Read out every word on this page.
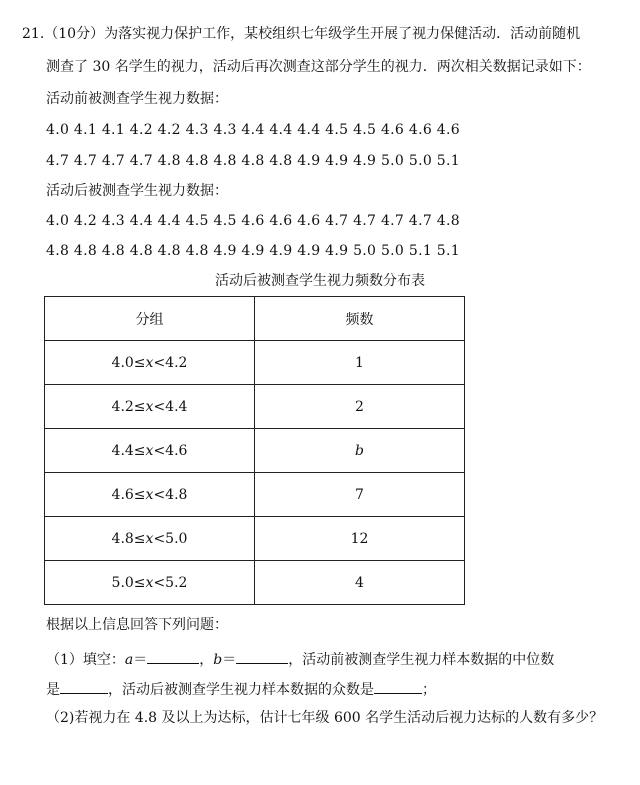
21.（10分）为落实视力保护工作，某校组织七年级学生开展了视力保健活动．活动前随机
测查了 30 名学生的视力，活动后再次测查这部分学生的视力．两次相关数据记录如下：
活动前被测查学生视力数据：
4.0 4.1 4.1 4.2 4.2 4.3 4.3 4.4 4.4 4.4 4.5 4.5 4.6 4.6 4.6
4.7 4.7 4.7 4.7 4.8 4.8 4.8 4.8 4.8 4.9 4.9 4.9 5.0 5.0 5.1
活动后被测查学生视力数据：
4.0 4.2 4.3 4.4 4.4 4.5 4.5 4.6 4.6 4.6 4.7 4.7 4.7 4.7 4.8
4.8 4.8 4.8 4.8 4.8 4.8 4.9 4.9 4.9 4.9 4.9 5.0 5.0 5.1 5.1
活动后被测查学生视力频数分布表
分组	频数
4.0≤x<4.2	1
4.2≤x<4.4	2
4.4≤x<4.6	b
4.6≤x<4.8	7
4.8≤x<5.0	12
5.0≤x<5.2	4
根据以上信息回答下列问题：
（1）填空：a＝	，b＝	，活动前被测查学生视力样本数据的中位数
是	，活动后被测查学生视力样本数据的众数是	；
（2)若视力在 4.8 及以上为达标，估计七年级 600 名学生活动后视力达标的人数有多少？
